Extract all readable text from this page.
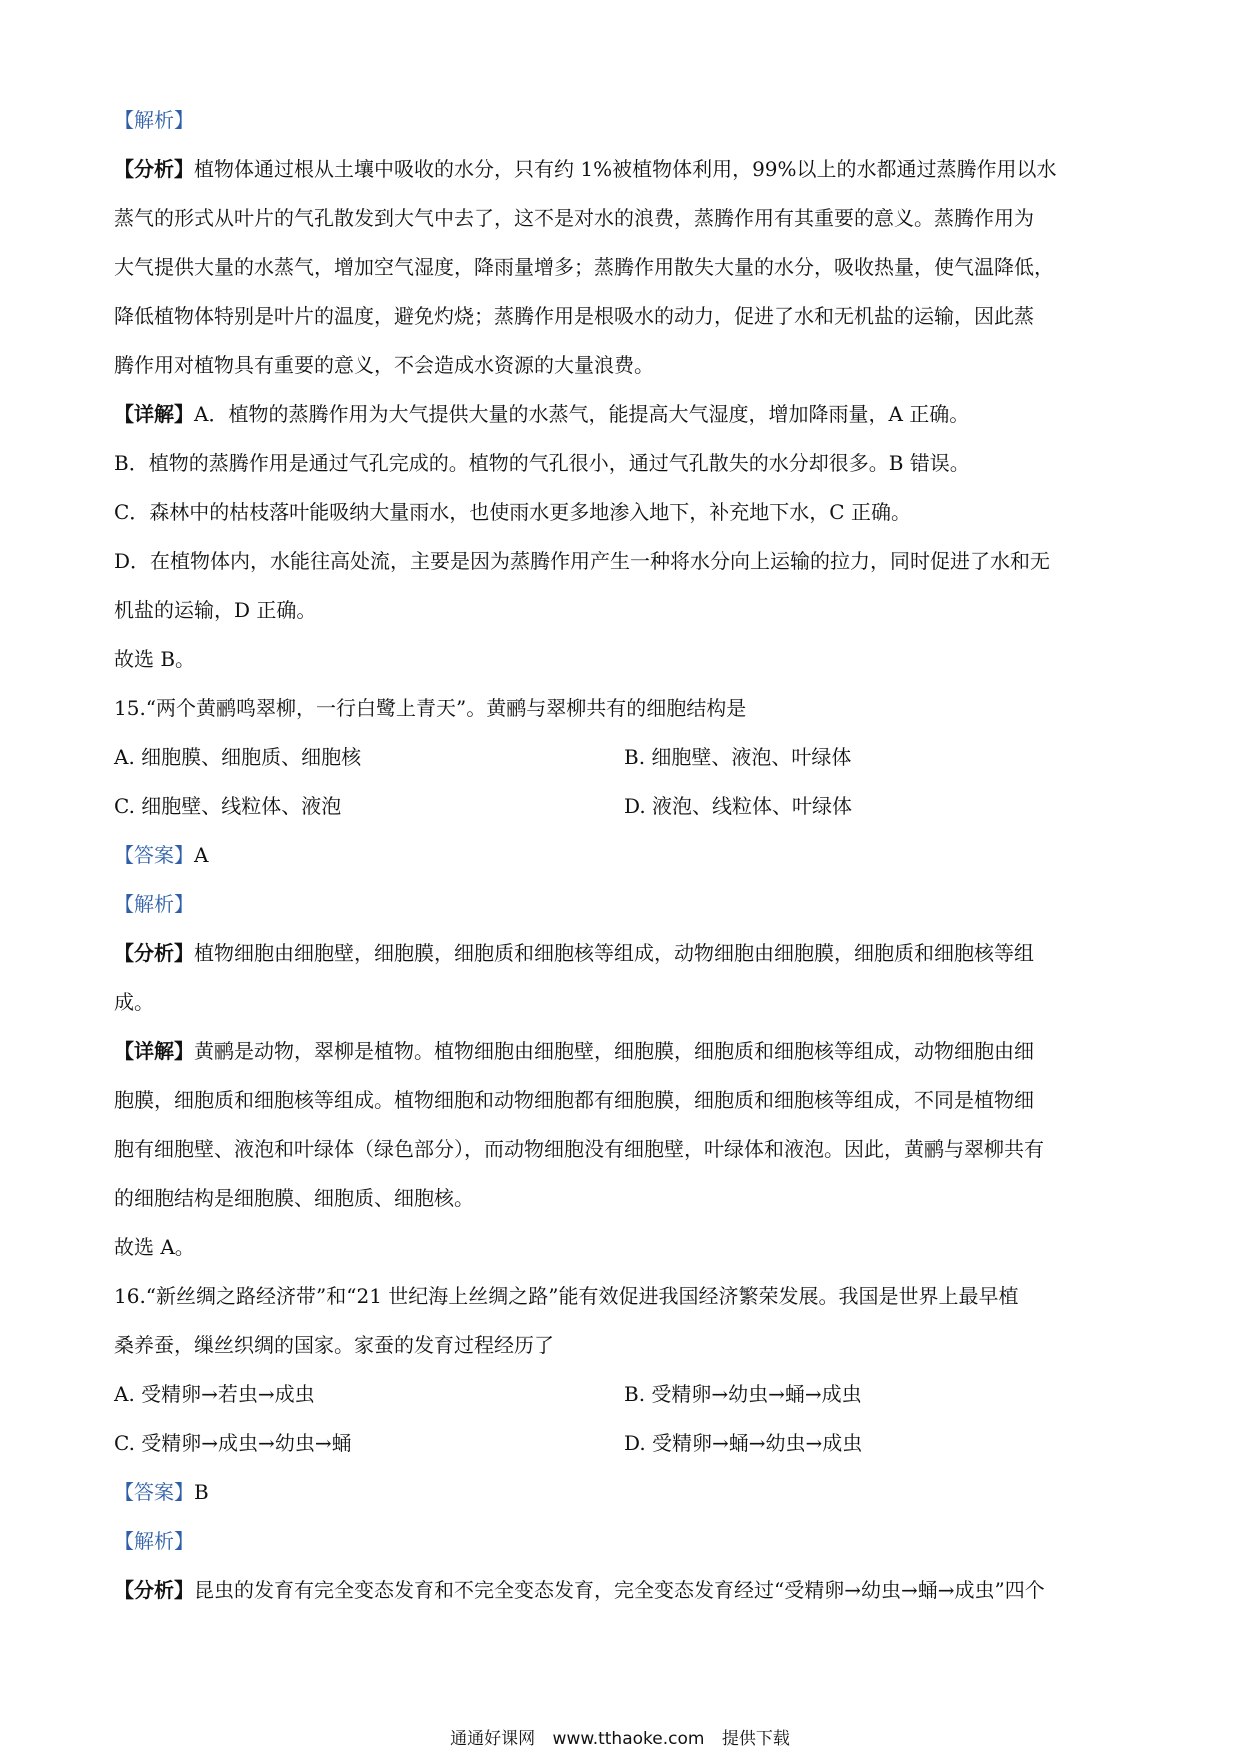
【解析】
【分析】植物体通过根从土壤中吸收的水分，只有约 1%被植物体利用，99%以上的水都通过蒸腾作用以水
蒸气的形式从叶片的气孔散发到大气中去了，这不是对水的浪费，蒸腾作用有其重要的意义。蒸腾作用为
大气提供大量的水蒸气，增加空气湿度，降雨量增多；蒸腾作用散失大量的水分，吸收热量，使气温降低，
降低植物体特别是叶片的温度，避免灼烧；蒸腾作用是根吸水的动力，促进了水和无机盐的运输，因此蒸
腾作用对植物具有重要的意义，不会造成水资源的大量浪费。
【详解】A．植物的蒸腾作用为大气提供大量的水蒸气，能提高大气湿度，增加降雨量，A 正确。
B．植物的蒸腾作用是通过气孔完成的。植物的气孔很小，通过气孔散失的水分却很多。B 错误。
C．森林中的枯枝落叶能吸纳大量雨水，也使雨水更多地渗入地下，补充地下水，C 正确。
D．在植物体内，水能往高处流，主要是因为蒸腾作用产生一种将水分向上运输的拉力，同时促进了水和无
机盐的运输，D 正确。
故选 B。
15.“两个黄鹂鸣翠柳，一行白鹭上青天”。黄鹂与翠柳共有的细胞结构是
A. 细胞膜、细胞质、细胞核	B. 细胞壁、液泡、叶绿体
C. 细胞壁、线粒体、液泡	D. 液泡、线粒体、叶绿体
【答案】A
【解析】
【分析】植物细胞由细胞壁，细胞膜，细胞质和细胞核等组成，动物细胞由细胞膜，细胞质和细胞核等组
成。
【详解】黄鹂是动物，翠柳是植物。植物细胞由细胞壁，细胞膜，细胞质和细胞核等组成，动物细胞由细
胞膜，细胞质和细胞核等组成。植物细胞和动物细胞都有细胞膜，细胞质和细胞核等组成，不同是植物细
胞有细胞壁、液泡和叶绿体（绿色部分），而动物细胞没有细胞壁，叶绿体和液泡。因此，黄鹂与翠柳共有
的细胞结构是细胞膜、细胞质、细胞核。
故选 A。
16.“新丝绸之路经济带”和“21 世纪海上丝绸之路”能有效促进我国经济繁荣发展。我国是世界上最早植
桑养蚕，缫丝织绸的国家。家蚕的发育过程经历了
A. 受精卵→若虫→成虫	B. 受精卵→幼虫→蛹→成虫
C. 受精卵→成虫→幼虫→蛹	D. 受精卵→蛹→幼虫→成虫
【答案】B
【解析】
【分析】昆虫的发育有完全变态发育和不完全变态发育，完全变态发育经过“受精卵→幼虫→蛹→成虫”四个
通通好课网 www.tthaoke.com 提供下载
